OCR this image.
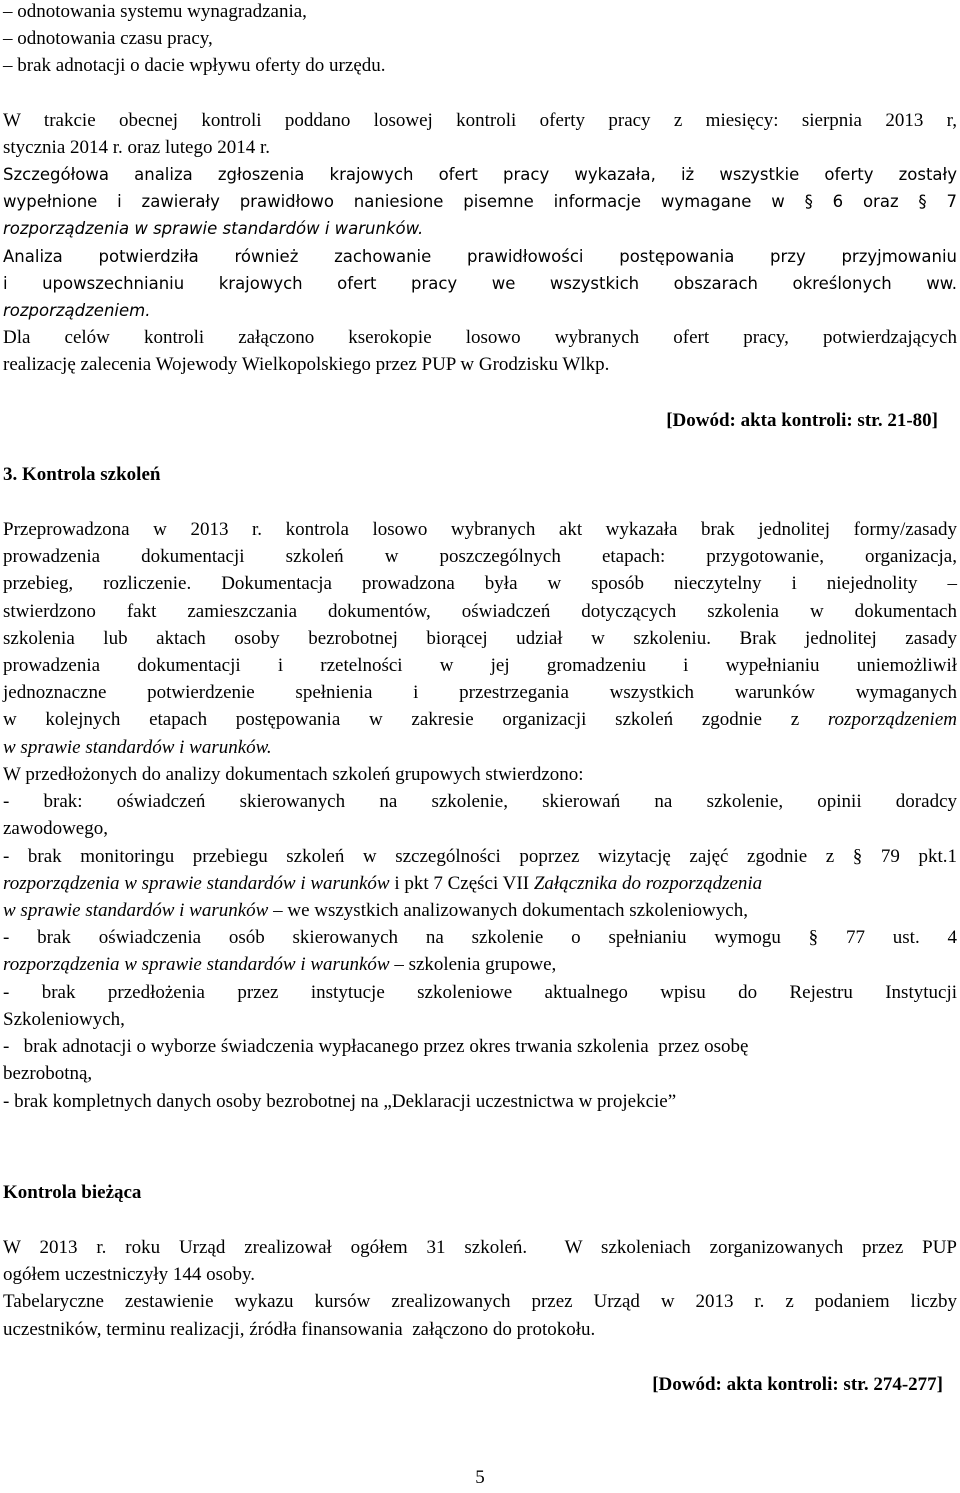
– odnotowania systemu wynagradzania,
– odnotowania czasu pracy,
– brak adnotacji o dacie wpływu oferty do urzędu.
W trakcie obecnej kontroli poddano losowej kontroli oferty pracy z miesięcy: sierpnia 2013 r,
stycznia 2014 r. oraz lutego 2014 r.
Szczegółowa analiza zgłoszenia krajowych ofert pracy wykazała, iż wszystkie oferty zostały
wypełnione i zawierały prawidłowo naniesione pisemne informacje wymagane w § 6 oraz § 7
rozporządzenia w sprawie standardów i warunków.
Analiza potwierdziła również zachowanie prawidłowości postępowania przy przyjmowaniu
i upowszechnianiu krajowych ofert pracy we wszystkich obszarach określonych ww.
rozporządzeniem.
Dla celów kontroli załączono kserokopie losowo wybranych ofert pracy, potwierdzających
realizację zalecenia Wojewody Wielkopolskiego przez PUP w Grodzisku Wlkp.
[Dowód: akta kontroli: str. 21-80]
3. Kontrola szkoleń
Przeprowadzona w 2013 r. kontrola losowo wybranych akt wykazała brak jednolitej formy/zasady
prowadzenia dokumentacji szkoleń w poszczególnych etapach: przygotowanie, organizacja,
przebieg, rozliczenie. Dokumentacja prowadzona była w sposób nieczytelny i niejednolity –
stwierdzono fakt zamieszczania dokumentów, oświadczeń dotyczących szkolenia w dokumentach
szkolenia lub aktach osoby bezrobotnej biorącej udział w szkoleniu. Brak jednolitej zasady
prowadzenia dokumentacji i rzetelności w jej gromadzeniu i wypełnianiu uniemożliwił
jednoznaczne potwierdzenie spełnienia i przestrzegania wszystkich warunków wymaganych
w kolejnych etapach postępowania w zakresie organizacji szkoleń zgodnie z rozporządzeniem
w sprawie standardów i warunków.
W przedłożonych do analizy dokumentach szkoleń grupowych stwierdzono:
- brak: oświadczeń skierowanych na szkolenie, skierowań na szkolenie, opinii doradcy
zawodowego,
- brak monitoringu przebiegu szkoleń w szczególności poprzez wizytację zajęć zgodnie z § 79 pkt.1
rozporządzenia w sprawie standardów i warunków i pkt 7 Części VII Załącznika do rozporządzenia
w sprawie standardów i warunków – we wszystkich analizowanych dokumentach szkoleniowych,
- brak oświadczenia osób skierowanych na szkolenie o spełnianiu wymogu § 77 ust. 4
rozporządzenia w sprawie standardów i warunków – szkolenia grupowe,
- brak przedłożenia przez instytucje szkoleniowe aktualnego wpisu do Rejestru Instytucji
Szkoleniowych,
-   brak adnotacji o wyborze świadczenia wypłacanego przez okres trwania szkolenia  przez osobę
bezrobotną,
- brak kompletnych danych osoby bezrobotnej na „Deklaracji uczestnictwa w projekcie”
Kontrola bieżąca
W 2013 r. roku Urząd zrealizował ogółem 31 szkoleń.  W szkoleniach zorganizowanych przez PUP
ogółem uczestniczyły 144 osoby.
Tabelaryczne zestawienie wykazu kursów zrealizowanych przez Urząd w 2013 r. z podaniem liczby
uczestników, terminu realizacji, źródła finansowania  załączono do protokołu.
[Dowód: akta kontroli: str. 274-277]
5
